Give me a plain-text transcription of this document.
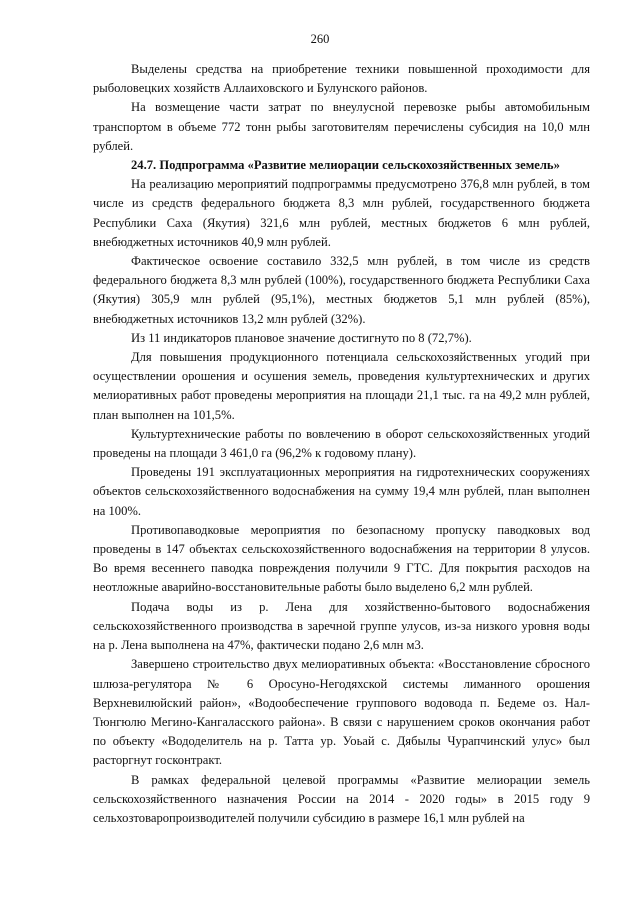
260

Выделены средства на приобретение техники повышенной проходимости для рыболовецких хозяйств Аллаиховского и Булунского районов.

На возмещение части затрат по внеулусной перевозке рыбы автомобильным транспортом в объеме 772 тонн рыбы заготовителям перечислены субсидия на 10,0 млн рублей.

24.7. Подпрограмма «Развитие мелиорации сельскохозяйственных земель»

На реализацию мероприятий подпрограммы предусмотрено 376,8 млн рублей, в том числе из средств федерального бюджета 8,3 млн рублей, государственного бюджета Республики Саха (Якутия) 321,6 млн рублей, местных бюджетов 6 млн рублей, внебюджетных источников 40,9 млн рублей.

Фактическое освоение составило 332,5 млн рублей, в том числе из средств федерального бюджета 8,3 млн рублей (100%), государственного бюджета Республики Саха (Якутия) 305,9 млн рублей (95,1%), местных бюджетов 5,1 млн рублей (85%), внебюджетных источников 13,2 млн рублей (32%).

Из 11 индикаторов плановое значение достигнуто по 8 (72,7%).

Для повышения продукционного потенциала сельскохозяйственных угодий при осуществлении орошения и осушения земель, проведения культуртехнических и других мелиоративных работ проведены мероприятия на площади 21,1 тыс. га на 49,2 млн рублей, план выполнен на 101,5%.

Культуртехнические работы по вовлечению в оборот сельскохозяйственных угодий проведены на площади 3 461,0 га (96,2% к годовому плану).

Проведены 191 эксплуатационных мероприятия на гидротехнических сооружениях объектов сельскохозяйственного водоснабжения на сумму 19,4 млн рублей, план выполнен на 100%.

Противопаводковые мероприятия по безопасному пропуску паводковых вод проведены в 147 объектах сельскохозяйственного водоснабжения на территории 8 улусов. Во время весеннего паводка повреждения получили 9 ГТС. Для покрытия расходов на неотложные аварийно-восстановительные работы было выделено 6,2 млн рублей.

Подача воды из р. Лена для хозяйственно-бытового водоснабжения сельскохозяйственного производства в заречной группе улусов, из-за низкого уровня воды на р. Лена выполнена на 47%, фактически подано 2,6 млн м3.

Завершено строительство двух мелиоративных объекта: «Восстановление сбросного шлюза-регулятора № 6 Оросуно-Негодяхской системы лиманного орошения Верхневилюйский район», «Водообеспечение группового водовода п. Бедеме оз. Нал-Тюнгюлю Мегино-Кангаласского района». В связи с нарушением сроков окончания работ по объекту «Вододелитель на р. Татта ур. Уоьай с. Дябылы Чурапчинский улус» был расторгнут госконтракт.

В рамках федеральной целевой программы «Развитие мелиорации земель сельскохозяйственного назначения России на 2014 - 2020 годы» в 2015 году 9 сельхозтоваропроизводителей получили субсидию в размере 16,1 млн рублей на
